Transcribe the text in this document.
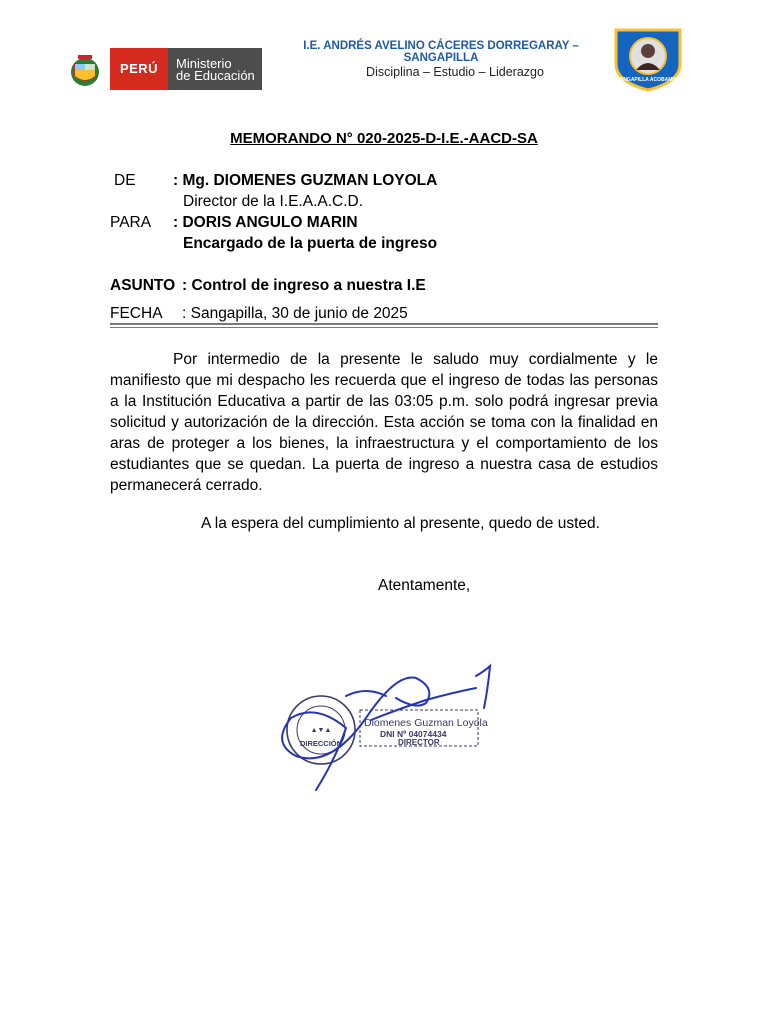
PERÚ	Ministerio
de Educación
I.E. ANDRÉS AVELINO CÁCERES DORREGARAY – SANGAPILLA
Disciplina – Estudio – Liderazgo
SANGAPILLA ACOBAMBA
MEMORANDO N° 020-2025-D-I.E.-AACD-SA
DE : Mg. DIOMENES GUZMAN LOYOLA
Director de la I.E.A.A.C.D.
PARA : DORIS ANGULO MARIN
Encargado de la puerta de ingreso
ASUNTO : Control de ingreso a nuestra I.E
FECHA : Sangapilla, 30 de junio de 2025
Por intermedio de la presente le saludo muy cordialmente y le manifiesto que mi despacho les recuerda que el ingreso de todas las personas a la Institución Educativa a partir de las 03:05 p.m. solo podrá ingresar previa solicitud y autorización de la dirección. Esta acción se toma con la finalidad en aras de proteger a los bienes, la infraestructura y el comportamiento de los estudiantes que se quedan. La puerta de ingreso a nuestra casa de estudios permanecerá cerrado.
A la espera del cumplimiento al presente, quedo de usted.
Atentamente,
▲▼▲
DIRECCIÓN
Diomenes Guzman Loyola
DNI Nº 04074434
DIRECTOR
